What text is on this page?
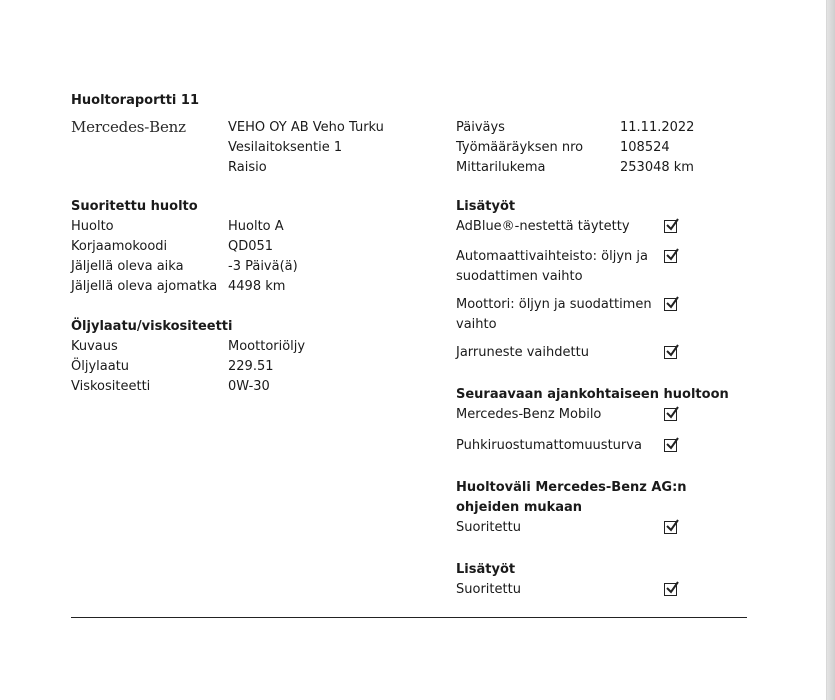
Huoltoraportti 11
Mercedes-Benz	VEHO OY AB Veho Turku
Vesilaitoksentie 1
Raisio
Päiväys	11.11.2022
Työmääräyksen nro	108524
Mittarilukema	253048 km
Suoritettu huolto
Huolto	Huolto A
Korjaamokoodi	QD051
Jäljellä oleva aika	-3 Päivä(ä)
Jäljellä oleva ajomatka 4498 km
Öljylaatu/viskositeetti
Kuvaus	Moottoriöljy
Öljylaatu	229.51
Viskositeetti	0W-30
Lisätyöt
AdBlue®-nestettä täytetty
Automaattivaihteisto: öljyn ja suodattimen vaihto
Moottori: öljyn ja suodattimen vaihto
Jarruneste vaihdettu
Seuraavaan ajankohtaiseen huoltoon
Mercedes-Benz Mobilo
Puhkiruostumattomuusturva
Huoltoväli Mercedes-Benz AG:n ohjeiden mukaan
Suoritettu
Lisätyöt
Suoritettu
